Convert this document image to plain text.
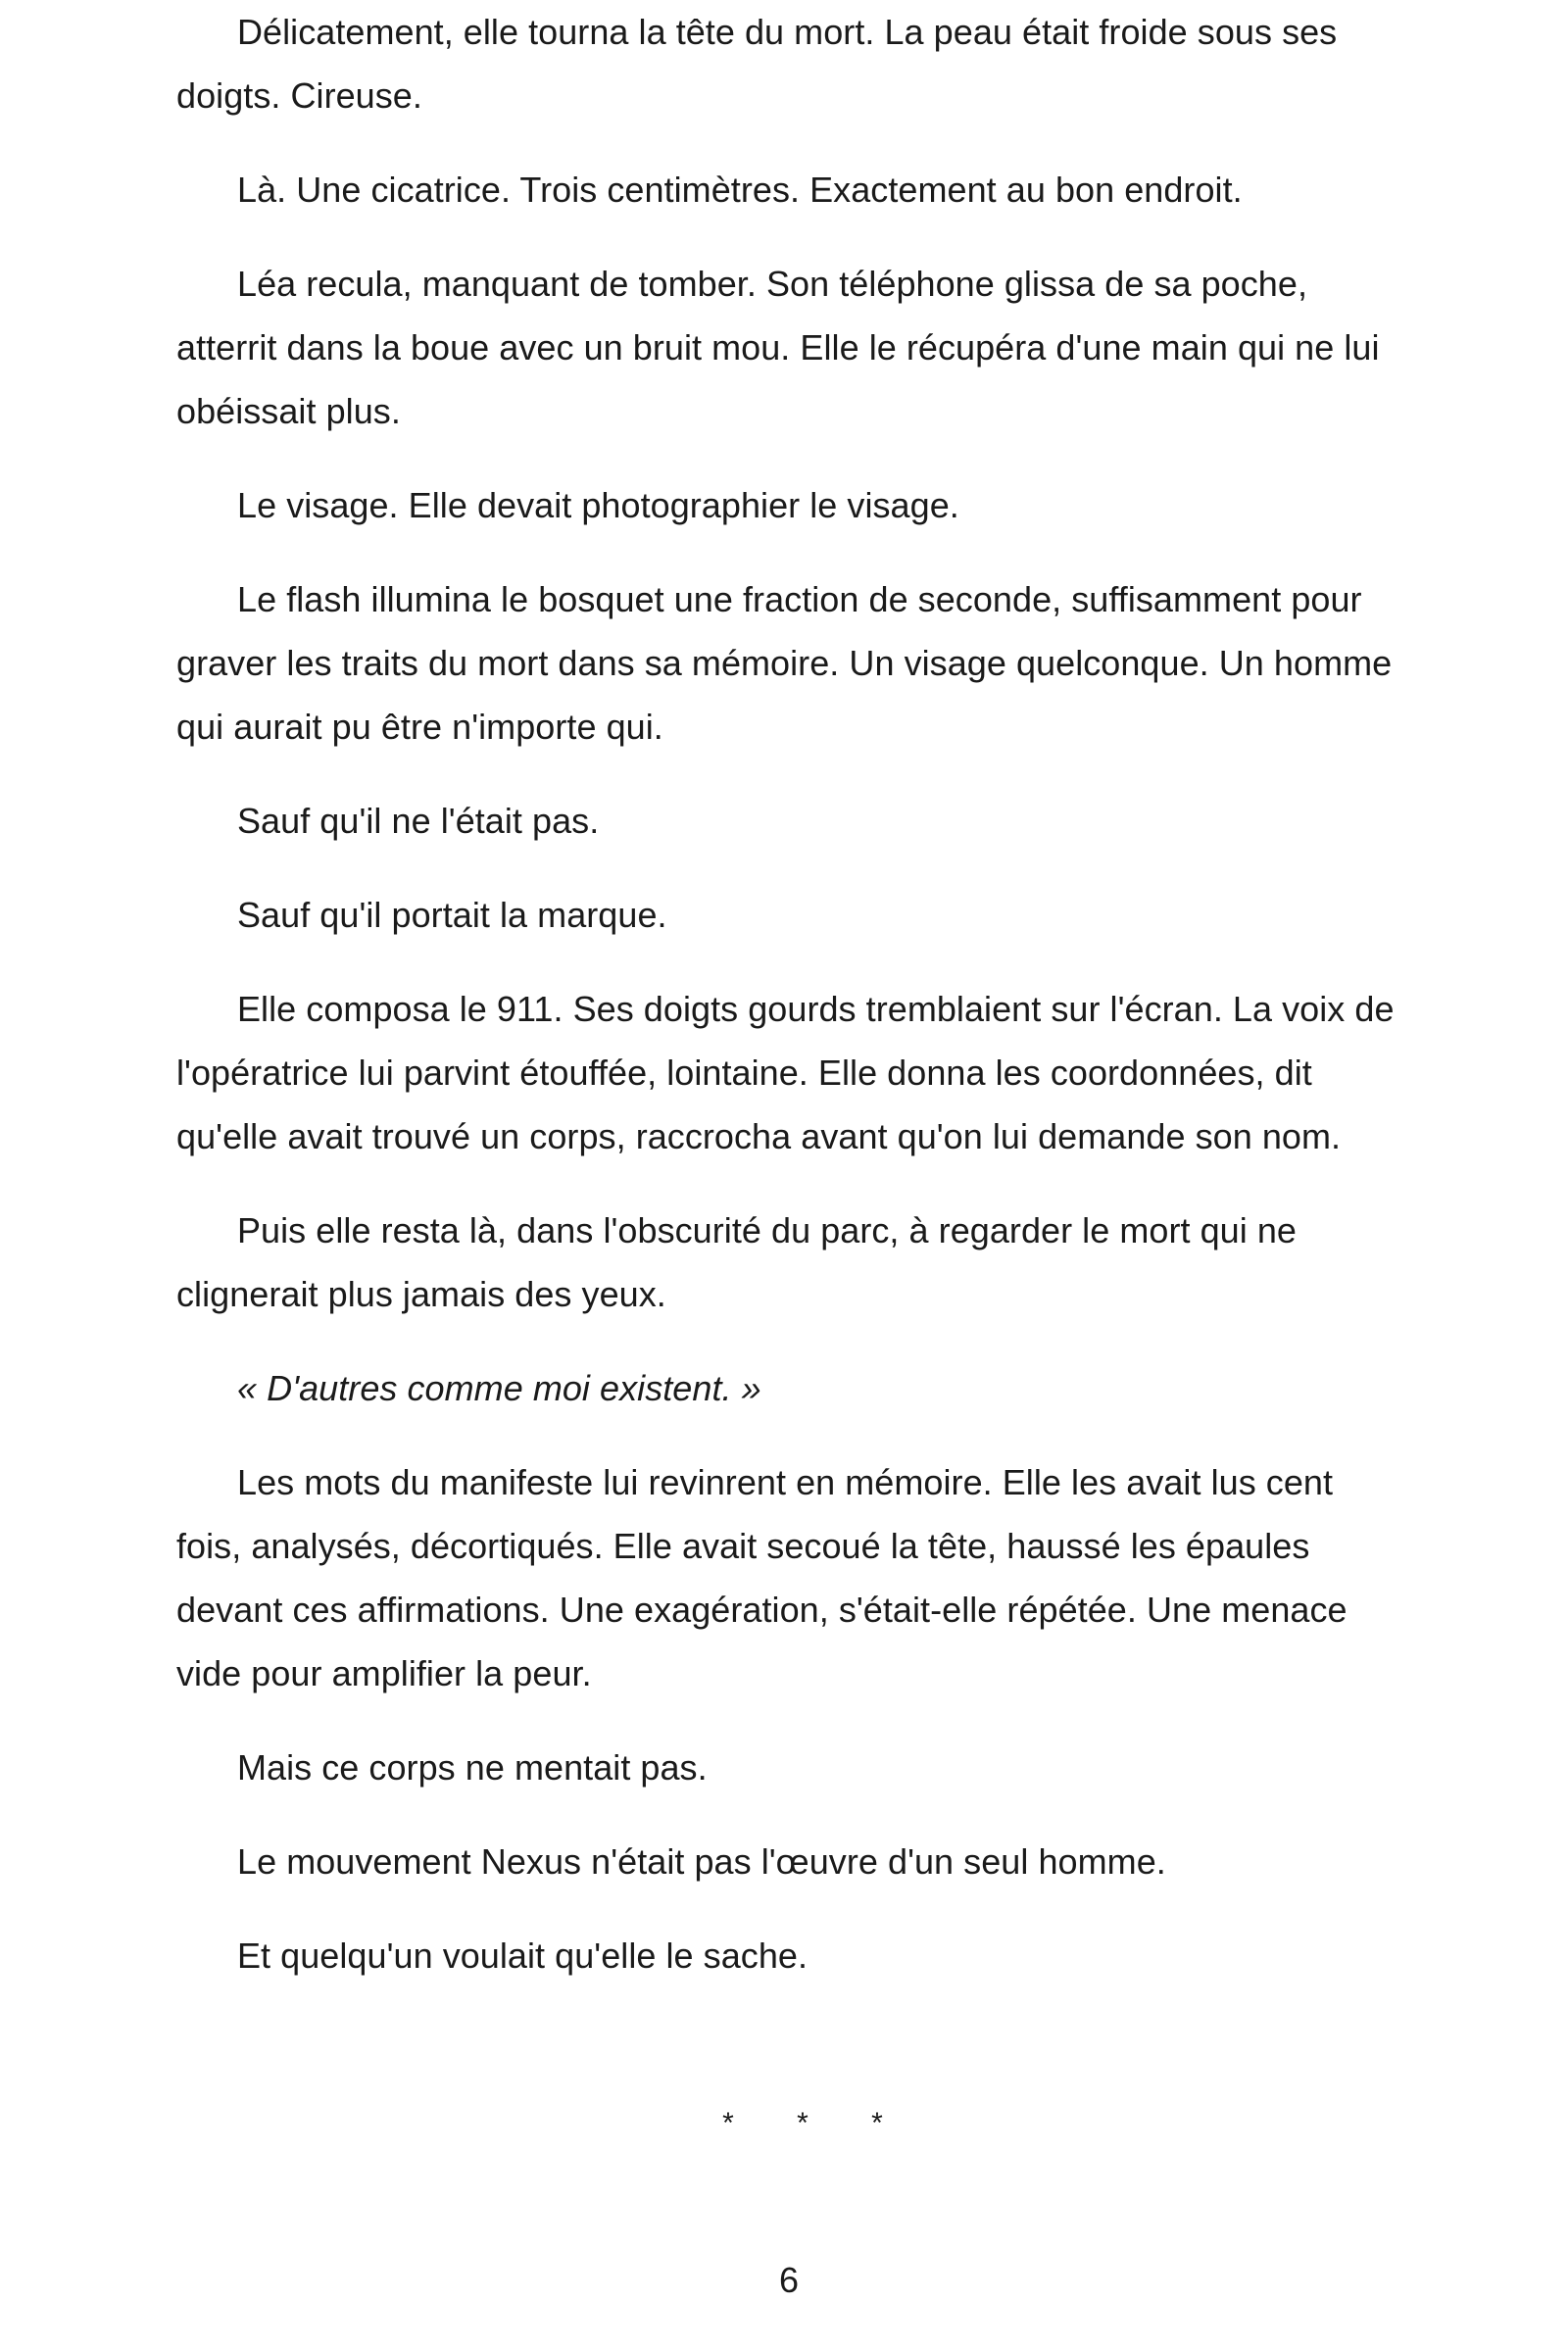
Délicatement, elle tourna la tête du mort. La peau était froide sous ses doigts. Cireuse.

Là. Une cicatrice. Trois centimètres. Exactement au bon endroit.

Léa recula, manquant de tomber. Son téléphone glissa de sa poche, atterrit dans la boue avec un bruit mou. Elle le récupéra d'une main qui ne lui obéissait plus.

Le visage. Elle devait photographier le visage.

Le flash illumina le bosquet une fraction de seconde, suffisamment pour graver les traits du mort dans sa mémoire. Un visage quelconque. Un homme qui aurait pu être n'importe qui.

Sauf qu'il ne l'était pas.

Sauf qu'il portait la marque.

Elle composa le 911. Ses doigts gourds tremblaient sur l'écran. La voix de l'opératrice lui parvint étouffée, lointaine. Elle donna les coordonnées, dit qu'elle avait trouvé un corps, raccrocha avant qu'on lui demande son nom.

Puis elle resta là, dans l'obscurité du parc, à regarder le mort qui ne clignerait plus jamais des yeux.

« D'autres comme moi existent. »

Les mots du manifeste lui revinrent en mémoire. Elle les avait lus cent fois, analysés, décortiqués. Elle avait secoué la tête, haussé les épaules devant ces affirmations. Une exagération, s'était-elle répétée. Une menace vide pour amplifier la peur.

Mais ce corps ne mentait pas.

Le mouvement Nexus n'était pas l'œuvre d'un seul homme.

Et quelqu'un voulait qu'elle le sache.

* * *
6
